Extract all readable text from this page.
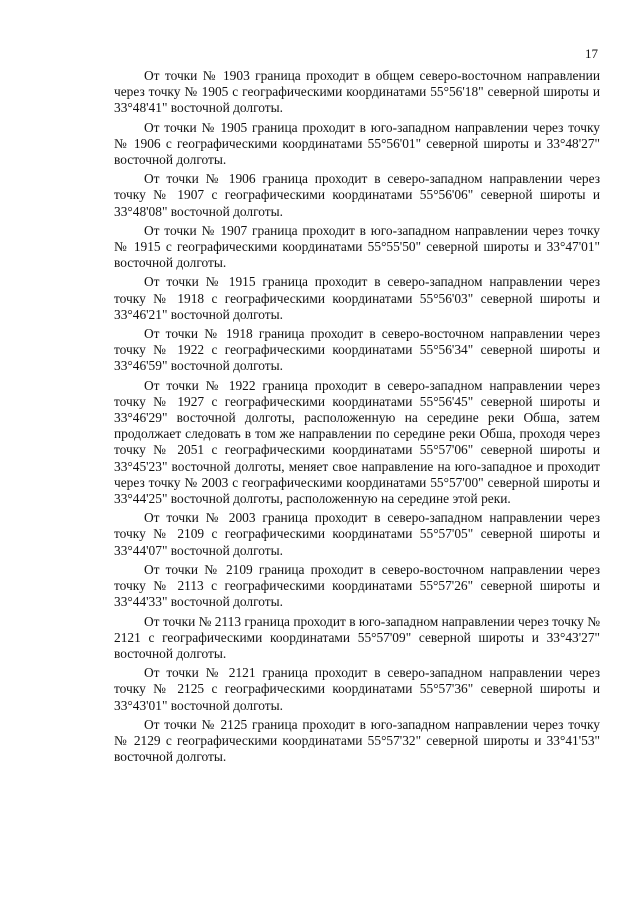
17

От точки № 1903 граница проходит в общем северо-восточном направлении через точку № 1905 с географическими координатами 55°56'18" северной широты и 33°48'41" восточной долготы.

От точки № 1905 граница проходит в юго-западном направлении через точку № 1906 с географическими координатами 55°56'01" северной широты и 33°48'27" восточной долготы.

От точки № 1906 граница проходит в северо-западном направлении через точку № 1907 с географическими координатами 55°56'06" северной широты и 33°48'08" восточной долготы.

От точки № 1907 граница проходит в юго-западном направлении через точку № 1915 с географическими координатами 55°55'50" северной широты и 33°47'01" восточной долготы.

От точки № 1915 граница проходит в северо-западном направлении через точку № 1918 с географическими координатами 55°56'03" северной широты и 33°46'21" восточной долготы.

От точки № 1918 граница проходит в северо-восточном направлении через точку № 1922 с географическими координатами 55°56'34" северной широты и 33°46'59" восточной долготы.

От точки № 1922 граница проходит в северо-западном направлении через точку № 1927 с географическими координатами 55°56'45" северной широты и 33°46'29" восточной долготы, расположенную на середине реки Обша, затем продолжает следовать в том же направлении по середине реки Обша, проходя через точку № 2051 с географическими координатами 55°57'06" северной широты и 33°45'23" восточной долготы, меняет свое направление на юго-западное и проходит через точку № 2003 с географическими координатами 55°57'00" северной широты и 33°44'25" восточной долготы, расположенную на середине этой реки.

От точки № 2003 граница проходит в северо-западном направлении через точку № 2109 с географическими координатами 55°57'05" северной широты и 33°44'07" восточной долготы.

От точки № 2109 граница проходит в северо-восточном направлении через точку № 2113 с географическими координатами 55°57'26" северной широты и 33°44'33" восточной долготы.

От точки № 2113 граница проходит в юго-западном направлении через точку № 2121 с географическими координатами 55°57'09" северной широты и 33°43'27" восточной долготы.

От точки № 2121 граница проходит в северо-западном направлении через точку № 2125 с географическими координатами 55°57'36" северной широты и 33°43'01" восточной долготы.

От точки № 2125 граница проходит в юго-западном направлении через точку № 2129 с географическими координатами 55°57'32" северной широты и 33°41'53" восточной долготы.
